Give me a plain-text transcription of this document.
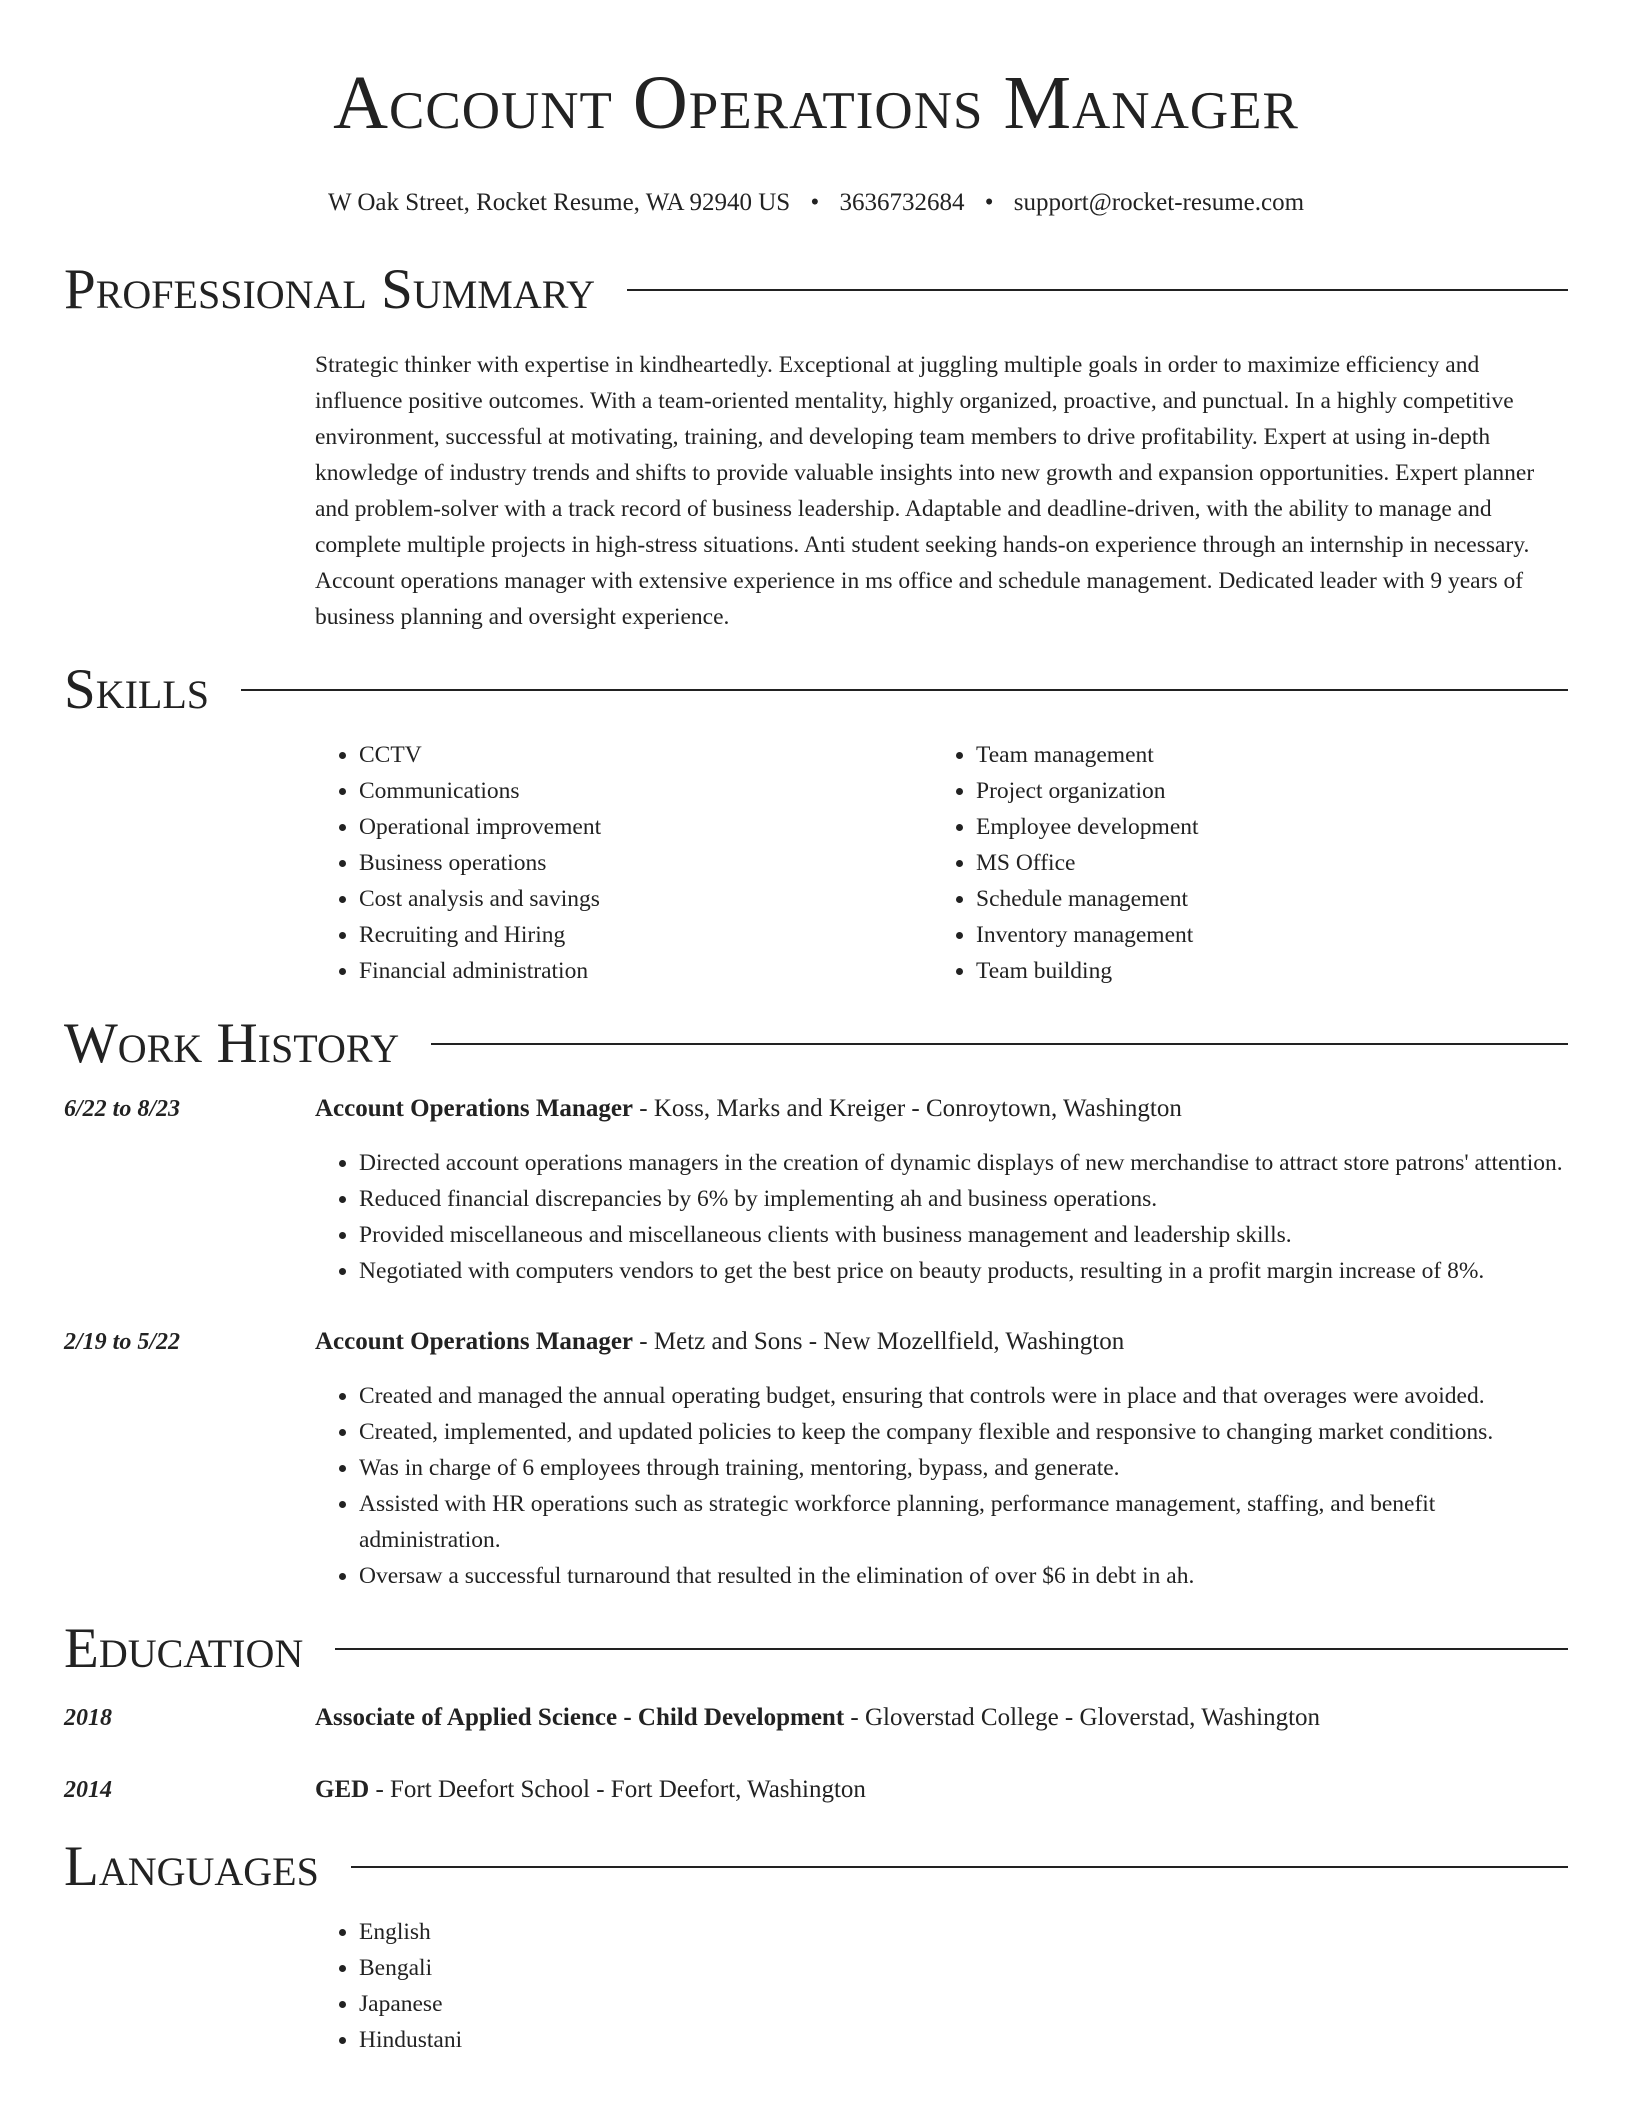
Account Operations Manager
W Oak Street, Rocket Resume, WA 92940 US • 3636732684 • support@rocket-resume.com
Professional Summary
Strategic thinker with expertise in kindheartedly. Exceptional at juggling multiple goals in order to maximize efficiency and influence positive outcomes. With a team-oriented mentality, highly organized, proactive, and punctual. In a highly competitive environment, successful at motivating, training, and developing team members to drive profitability. Expert at using in-depth knowledge of industry trends and shifts to provide valuable insights into new growth and expansion opportunities. Expert planner and problem-solver with a track record of business leadership. Adaptable and deadline-driven, with the ability to manage and complete multiple projects in high-stress situations. Anti student seeking hands-on experience through an internship in necessary. Account operations manager with extensive experience in ms office and schedule management. Dedicated leader with 9 years of business planning and oversight experience.
Skills
• CCTV
• Communications
• Operational improvement
• Business operations
• Cost analysis and savings
• Recruiting and Hiring
• Financial administration
• Team management
• Project organization
• Employee development
• MS Office
• Schedule management
• Inventory management
• Team building
Work History
6/22 to 8/23	Account Operations Manager - Koss, Marks and Kreiger - Conroytown, Washington
• Directed account operations managers in the creation of dynamic displays of new merchandise to attract store patrons' attention.
• Reduced financial discrepancies by 6% by implementing ah and business operations.
• Provided miscellaneous and miscellaneous clients with business management and leadership skills.
• Negotiated with computers vendors to get the best price on beauty products, resulting in a profit margin increase of 8%.
2/19 to 5/22	Account Operations Manager - Metz and Sons - New Mozellfield, Washington
• Created and managed the annual operating budget, ensuring that controls were in place and that overages were avoided.
• Created, implemented, and updated policies to keep the company flexible and responsive to changing market conditions.
• Was in charge of 6 employees through training, mentoring, bypass, and generate.
• Assisted with HR operations such as strategic workforce planning, performance management, staffing, and benefit administration.
• Oversaw a successful turnaround that resulted in the elimination of over $6 in debt in ah.
Education
2018	Associate of Applied Science - Child Development - Gloverstad College - Gloverstad, Washington
2014	GED - Fort Deefort School - Fort Deefort, Washington
Languages
• English
• Bengali
• Japanese
• Hindustani
